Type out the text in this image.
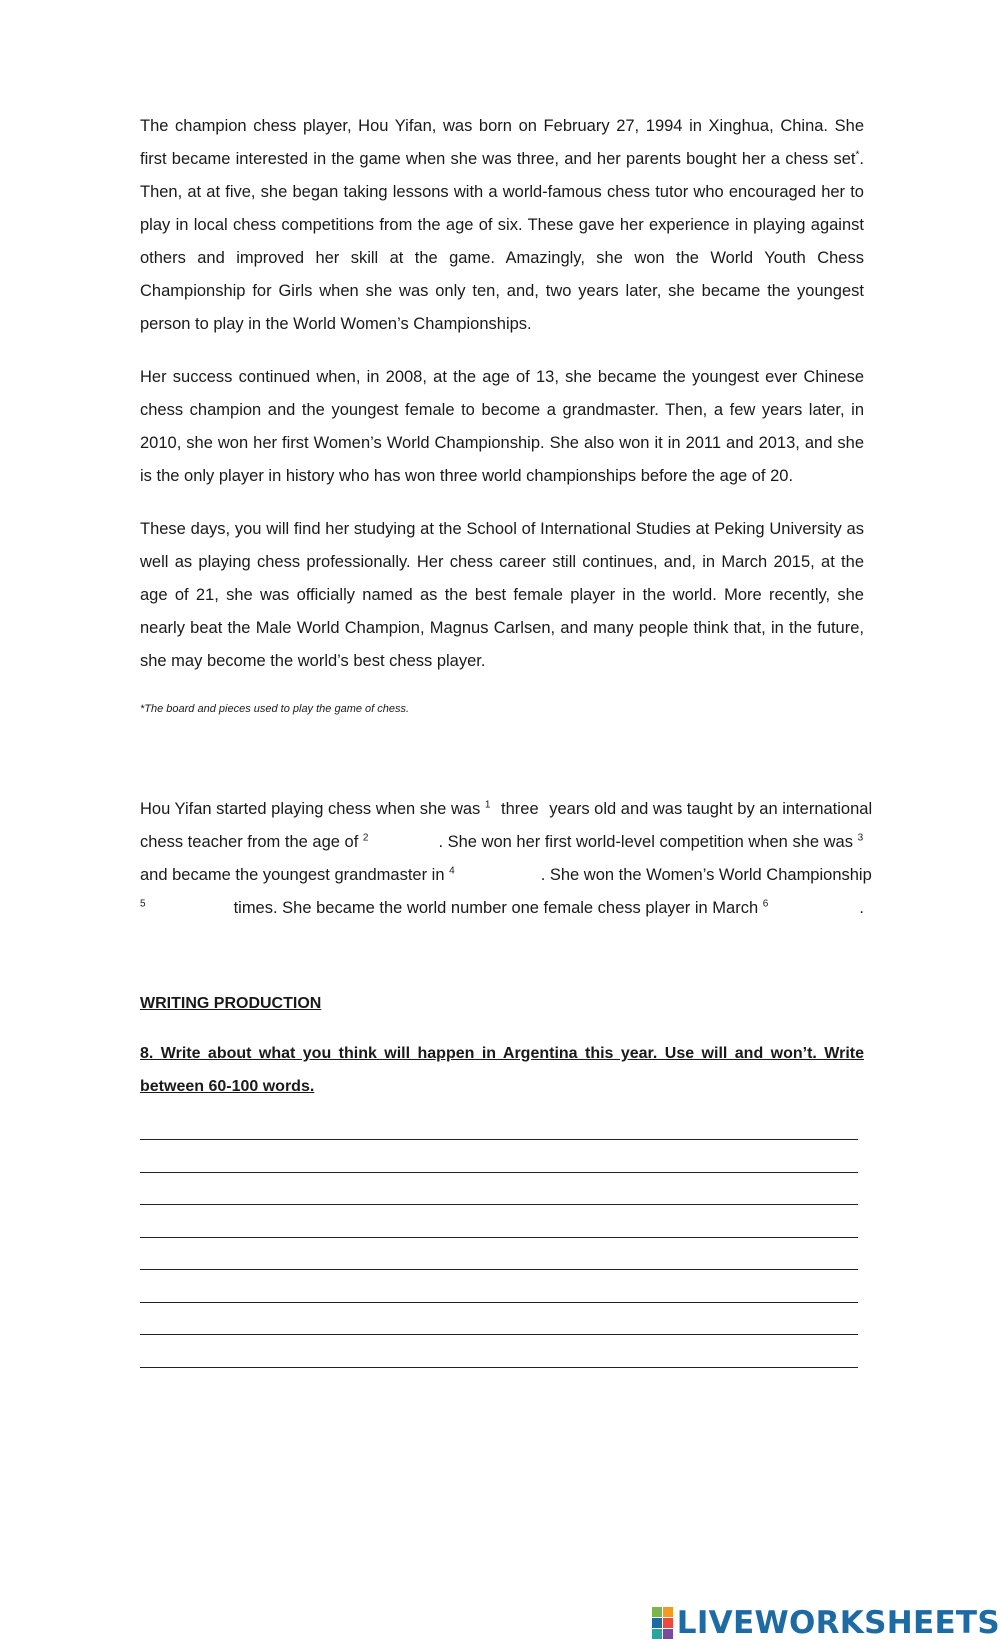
The champion chess player, Hou Yifan, was born on February 27, 1994 in Xinghua, China. She first became interested in the game when she was three, and her parents bought her a chess set*. Then, at at five, she began taking lessons with a world-famous chess tutor who encouraged her to play in local chess competitions from the age of six. These gave her experience in playing against others and improved her skill at the game. Amazingly, she won the World Youth Chess Championship for Girls when she was only ten, and, two years later, she became the youngest person to play in the World Women’s Championships.

Her success continued when, in 2008, at the age of 13, she became the youngest ever Chinese chess champion and the youngest female to become a grandmaster. Then, a few years later, in 2010, she won her first Women’s World Championship. She also won it in 2011 and 2013, and she is the only player in history who has won three world championships before the age of 20.

These days, you will find her studying at the School of International Studies at Peking University as well as playing chess professionally. Her chess career still continues, and, in March 2015, at the age of 21, she was officially named as the best female player in the world. More recently, she nearly beat the Male World Champion, Magnus Carlsen, and many people think that, in the future, she may become the world’s best chess player.

*The board and pieces used to play the game of chess.

Hou Yifan started playing chess when she was $^1$ three years old and was taught by an international
chess teacher from the age of $^2$	. She won her first world-level competition when she was $^3$
and became the youngest grandmaster in $^4$	. She won the Women’s World Championship
$^5$	times. She became the world number one female chess player in March $^6$	.

WRITING PRODUCTION

8. Write about what you think will happen in Argentina this year. Use will and won’t. Write between 60-100 words.

LIVEWORKSHEETS
